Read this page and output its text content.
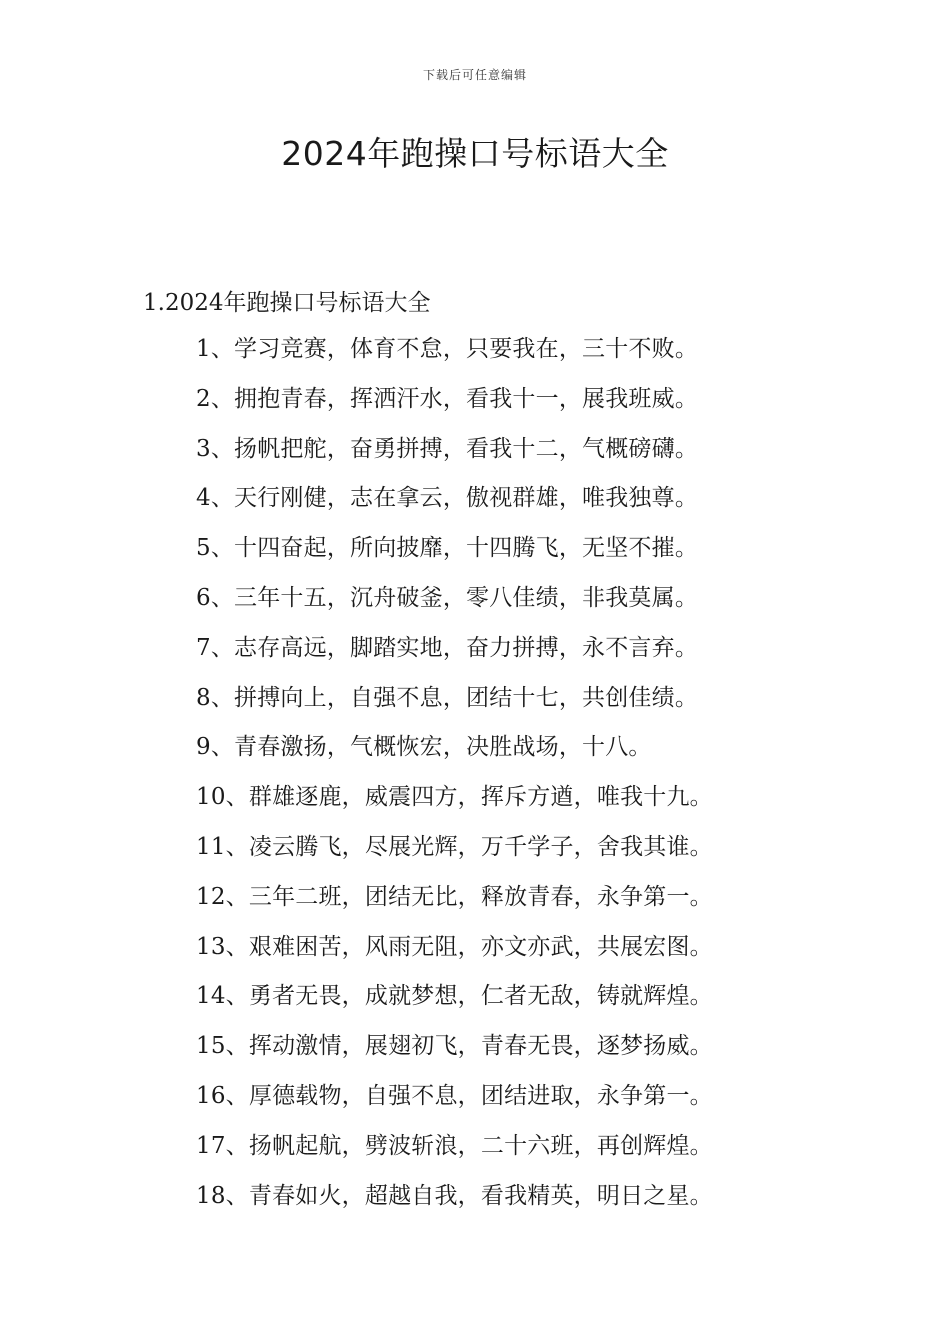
下载后可任意编辑
2024年跑操口号标语大全
1.2024年跑操口号标语大全
1、学习竞赛，体育不怠，只要我在，三十不败。
2、拥抱青春，挥洒汗水，看我十一，展我班威。
3、扬帆把舵，奋勇拼搏，看我十二，气概磅礴。
4、天行刚健，志在拿云，傲视群雄，唯我独尊。
5、十四奋起，所向披靡，十四腾飞，无坚不摧。
6、三年十五，沉舟破釜，零八佳绩，非我莫属。
7、志存高远，脚踏实地，奋力拼搏，永不言弃。
8、拼搏向上，自强不息，团结十七，共创佳绩。
9、青春激扬，气概恢宏，决胜战场，十八。
10、群雄逐鹿，威震四方，挥斥方遒，唯我十九。
11、凌云腾飞，尽展光辉，万千学子，舍我其谁。
12、三年二班，团结无比，释放青春，永争第一。
13、艰难困苦，风雨无阻，亦文亦武，共展宏图。
14、勇者无畏，成就梦想，仁者无敌，铸就辉煌。
15、挥动激情，展翅初飞，青春无畏，逐梦扬威。
16、厚德载物，自强不息，团结进取，永争第一。
17、扬帆起航，劈波斩浪，二十六班，再创辉煌。
18、青春如火，超越自我，看我精英，明日之星。
